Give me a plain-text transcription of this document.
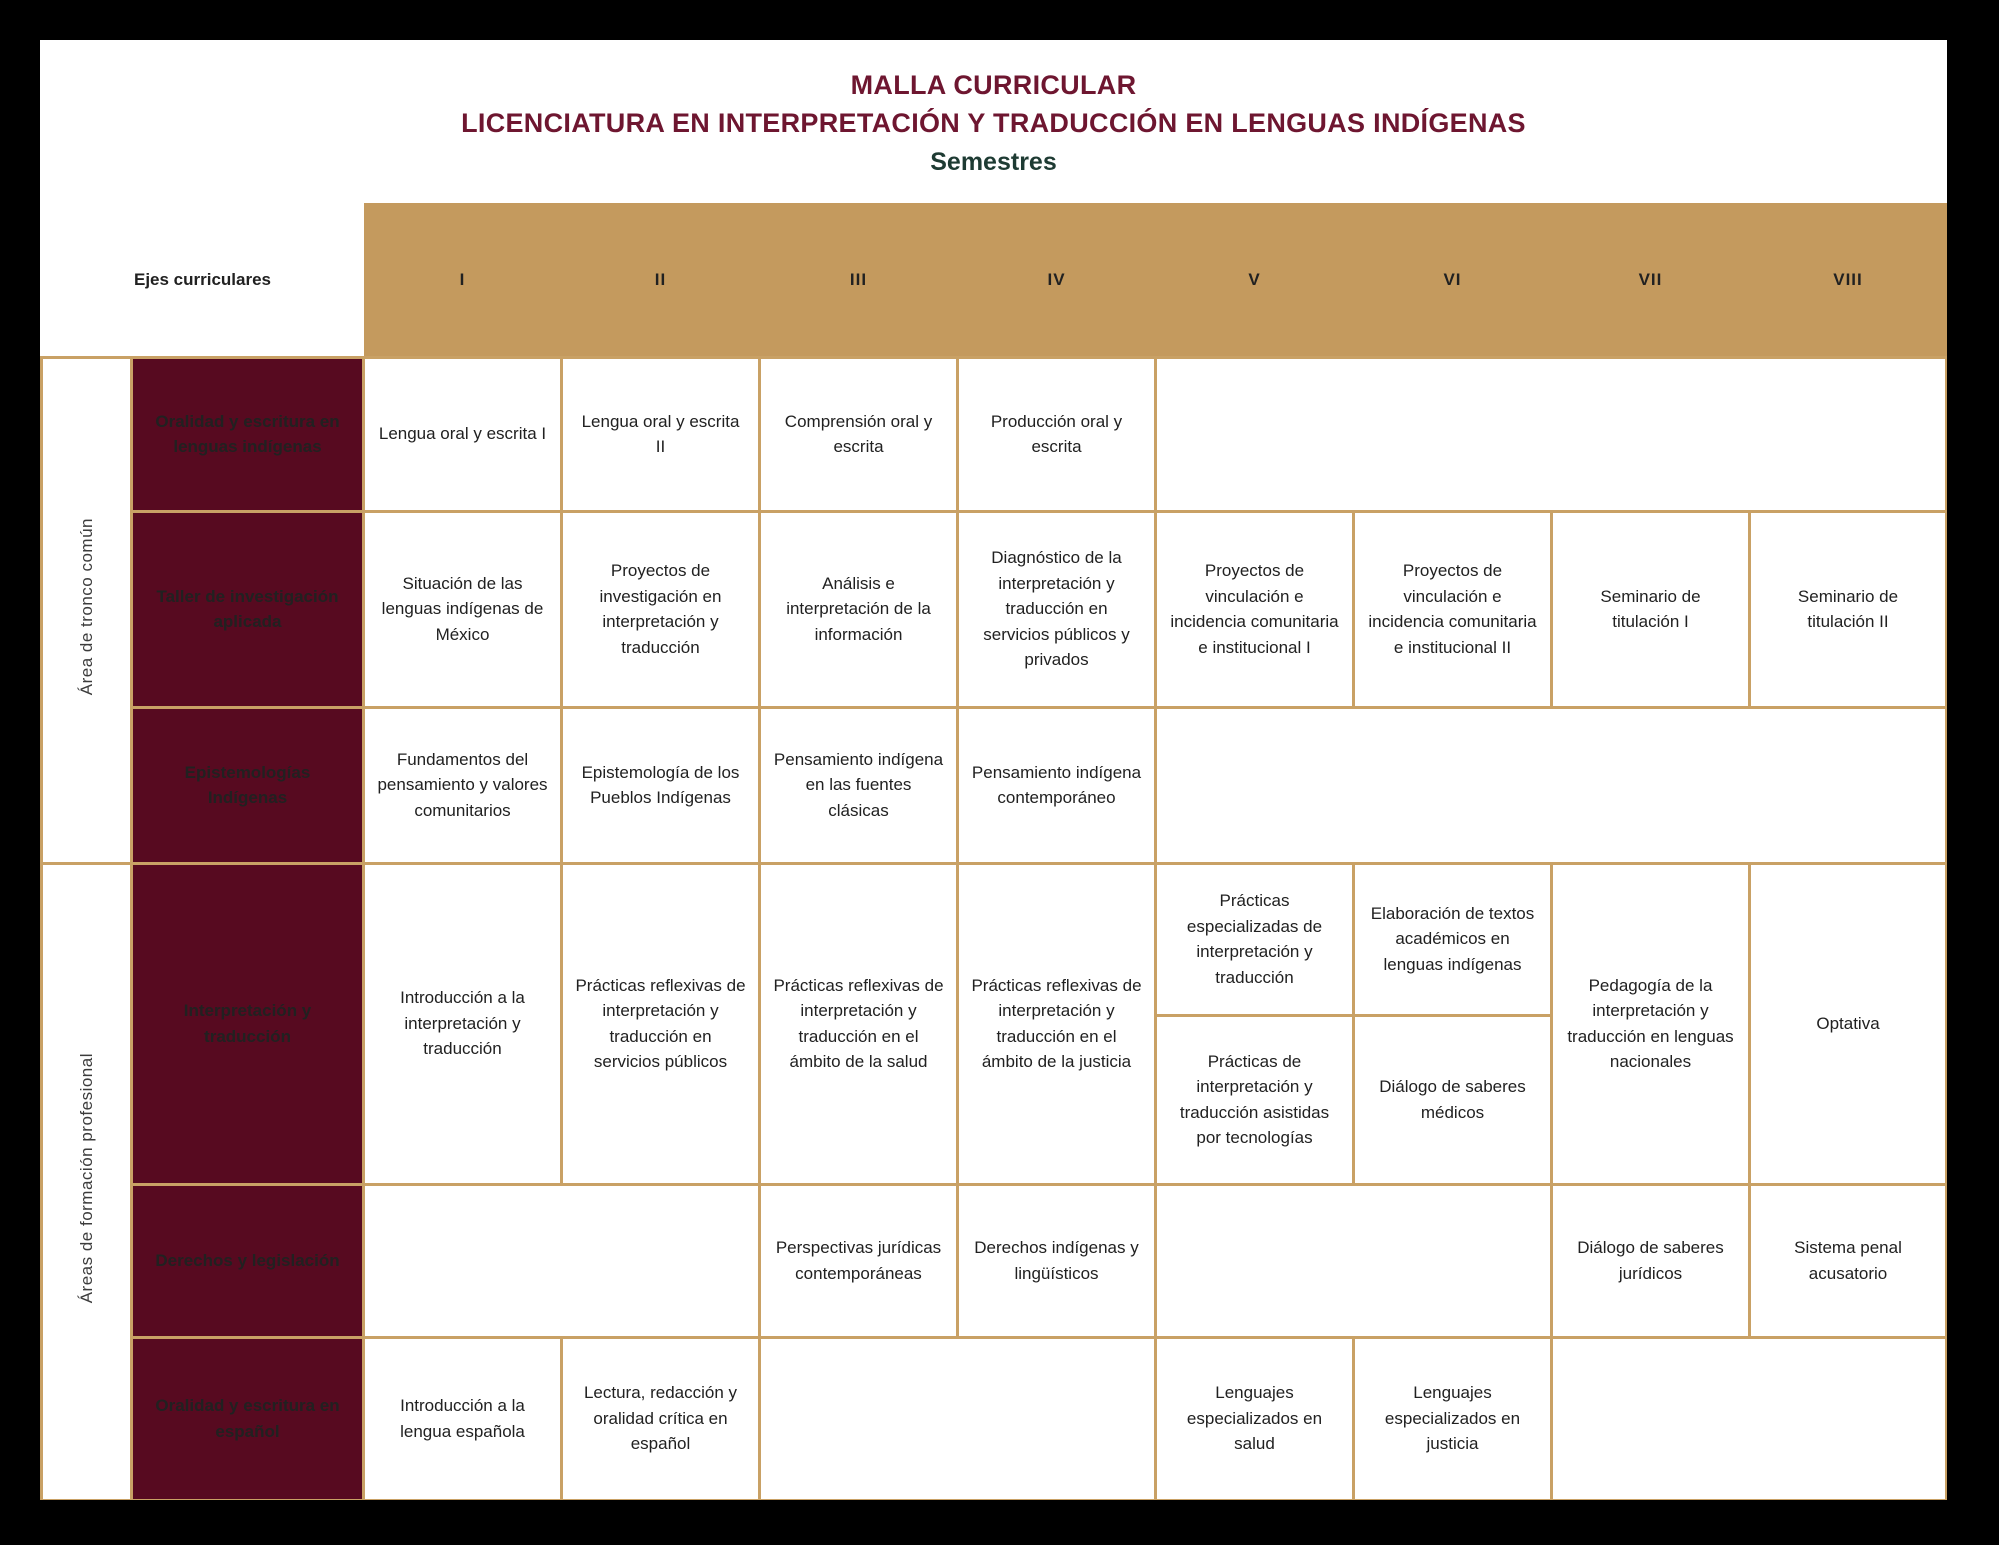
MALLA CURRICULAR
LICENCIATURA EN INTERPRETACIÓN Y TRADUCCIÓN EN LENGUAS INDÍGENAS
Semestres
Ejes curriculares		I	II	III	IV	V	VI	VII	VIII
Área de tronco común	Oralidad y escritura en lenguas indígenas	Lengua oral y escrita I	Lengua oral y escrita II	Comprensión oral y escrita	Producción oral y escrita				
	Taller de investigación aplicada	Situación de las lenguas indígenas de México	Proyectos de investigación en interpretación y traducción	Análisis e interpretación de la información	Diagnóstico de la interpretación y traducción en servicios públicos y privados	Proyectos de vinculación e incidencia comunitaria e institucional I	Proyectos de vinculación e incidencia comunitaria e institucional II	Seminario de titulación I	Seminario de titulación II
	Epistemologías Indígenas	Fundamentos del pensamiento y valores comunitarios	Epistemología de los Pueblos Indígenas	Pensamiento indígena en las fuentes clásicas	Pensamiento indígena contemporáneo				
Áreas de formación profesional	Interpretación y traducción	Introducción a la interpretación y traducción	Prácticas reflexivas de interpretación y traducción en servicios públicos	Prácticas reflexivas de interpretación y traducción en el ámbito de la salud	Prácticas reflexivas de interpretación y traducción en el ámbito de la justicia	Prácticas especializadas de interpretación y traducción	Elaboración de textos académicos en lenguas indígenas	Pedagogía de la interpretación y traducción en lenguas nacionales	Optativa
						Prácticas de interpretación y traducción asistidas por tecnologías	Diálogo de saberes médicos		
	Derechos y legislación			Perspectivas jurídicas contemporáneas	Derechos indígenas y lingüísticos			Diálogo de saberes jurídicos	Sistema penal acusatorio
	Oralidad y escritura en español	Introducción a la lengua española	Lectura, redacción y oralidad crítica en español			Lenguajes especializados en salud	Lenguajes especializados en justicia		
